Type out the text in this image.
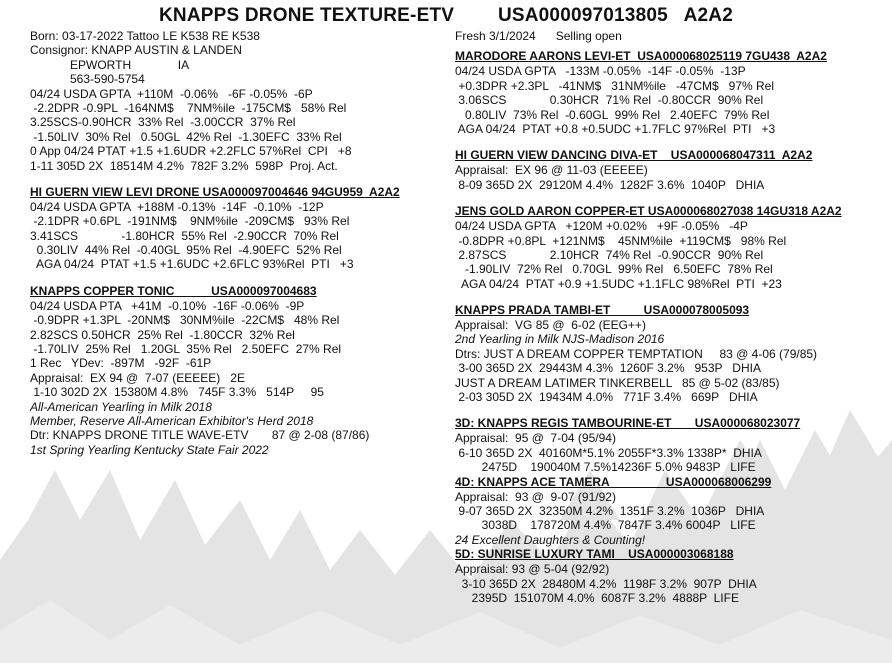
KNAPPS DRONE TEXTURE-ETV        USA000097013805   A2A2
Born: 03-17-2022 Tattoo LE K538 RE K538
Consignor: KNAPP AUSTIN & LANDEN
EPWORTH              IA
563-590-5754
04/24 USDA GPTA  +110M  -0.06%   -6F -0.05%  -6P
-2.2DPR -0.9PL  -164NM$    7NM%ile  -175CM$   58% Rel
3.25SCS-0.90HCR  33% Rel  -3.00CCR  37% Rel
-1.50LIV  30% Rel   0.50GL  42% Rel  -1.30EFC  33% Rel
0 App 04/24 PTAT +1.5 +1.6UDR +2.2FLC 57%Rel  CPI   +8
1-11 305D 2X  18514M 4.2%  782F 3.2%  598P  Proj. Act.
HI GUERN VIEW LEVI DRONE USA000097004646 94GU959  A2A2
04/24 USDA GPTA  +188M -0.13%  -14F  -0.10%  -12P
-2.1DPR +0.6PL  -191NM$    9NM%ile  -209CM$   93% Rel
3.41SCS             -1.80HCR  55% Rel  -2.90CCR  70% Rel
0.30LIV  44% Rel  -0.40GL  95% Rel  -4.90EFC  52% Rel
AGA 04/24  PTAT +1.5 +1.6UDC +2.6FLC 93%Rel  PTI   +3
KNAPPS COPPER TONIC           USA000097004683
04/24 USDA PTA   +41M  -0.10%  -16F -0.06%  -9P
-0.9DPR +1.3PL  -20NM$   30NM%ile  -22CM$   48% Rel
2.82SCS 0.50HCR  25% Rel  -1.80CCR  32% Rel
-1.70LIV  25% Rel   1.20GL  35% Rel   2.50EFC  27% Rel
1 Rec   YDev:  -897M   -92F  -61P
Appraisal:  EX 94 @  7-07 (EEEEE)   2E
1-10 302D 2X  15380M 4.8%   745F 3.3%   514P     95
All-American Yearling in Milk 2018
Member, Reserve All-American Exhibitor's Herd 2018
Dtr: KNAPPS DRONE TITLE WAVE-ETV       87 @ 2-08 (87/86)
1st Spring Yearling Kentucky State Fair 2022
Fresh 3/1/2024      Selling open
MARODORE AARONS LEVI-ET  USA000068025119 7GU438  A2A2
04/24 USDA GPTA   -133M -0.05%  -14F -0.05%  -13P
+0.3DPR +2.3PL   -41NM$   31NM%ile   -47CM$   97% Rel
3.06SCS             0.30HCR  71% Rel  -0.80CCR  90% Rel
0.80LIV  73% Rel  -0.60GL  99% Rel   2.40EFC  79% Rel
AGA 04/24  PTAT +0.8 +0.5UDC +1.7FLC 97%Rel  PTI   +3
HI GUERN VIEW DANCING DIVA-ET    USA000068047311  A2A2
Appraisal:  EX 96 @ 11-03 (EEEEE)
8-09 365D 2X  29120M 4.4%  1282F 3.6%  1040P   DHIA
JENS GOLD AARON COPPER-ET USA000068027038 14GU318 A2A2
04/24 USDA GPTA   +120M +0.02%   +9F -0.05%   -4P
-0.8DPR +0.8PL  +121NM$    45NM%ile  +119CM$   98% Rel
2.87SCS             2.10HCR  74% Rel  -0.90CCR  90% Rel
-1.90LIV  72% Rel   0.70GL  99% Rel   6.50EFC  78% Rel
AGA 04/24  PTAT +0.9 +1.5UDC +1.1FLC 98%Rel  PTI  +23
KNAPPS PRADA TAMBI-ET          USA000078005093
Appraisal:  VG 85 @  6-02 (EEG++)
2nd Yearling in Milk NJS-Madison 2016
Dtrs: JUST A DREAM COPPER TEMPTATION     83 @ 4-06 (79/85)
3-00 365D 2X  29443M 4.3%  1260F 3.2%   953P   DHIA
JUST A DREAM LATIMER TINKERBELL   85 @ 5-02 (83/85)
2-03 305D 2X  19434M 4.0%   771F 3.4%   669P   DHIA
3D: KNAPPS REGIS TAMBOURINE-ET       USA000068023077
Appraisal:  95 @  7-04 (95/94)
6-10 365D 2X  40160M*5.1% 2055F*3.3% 1338P*  DHIA
2475D    190040M 7.5%14236F 5.0% 9483P   LIFE
4D: KNAPPS ACE TAMERA                 USA000068006299
Appraisal:  93 @  9-07 (91/92)
9-07 365D 2X  32350M 4.2%  1351F 3.2%  1036P   DHIA
3038D    178720M 4.4%  7847F 3.4% 6004P   LIFE
24 Excellent Daughters & Counting!
5D: SUNRISE LUXURY TAMI    USA000003068188
Appraisal: 93 @ 5-04 (92/92)
3-10 365D 2X  28480M 4.2%  1198F 3.2%  907P  DHIA
2395D  151070M 4.0%  6087F 3.2%  4888P  LIFE
